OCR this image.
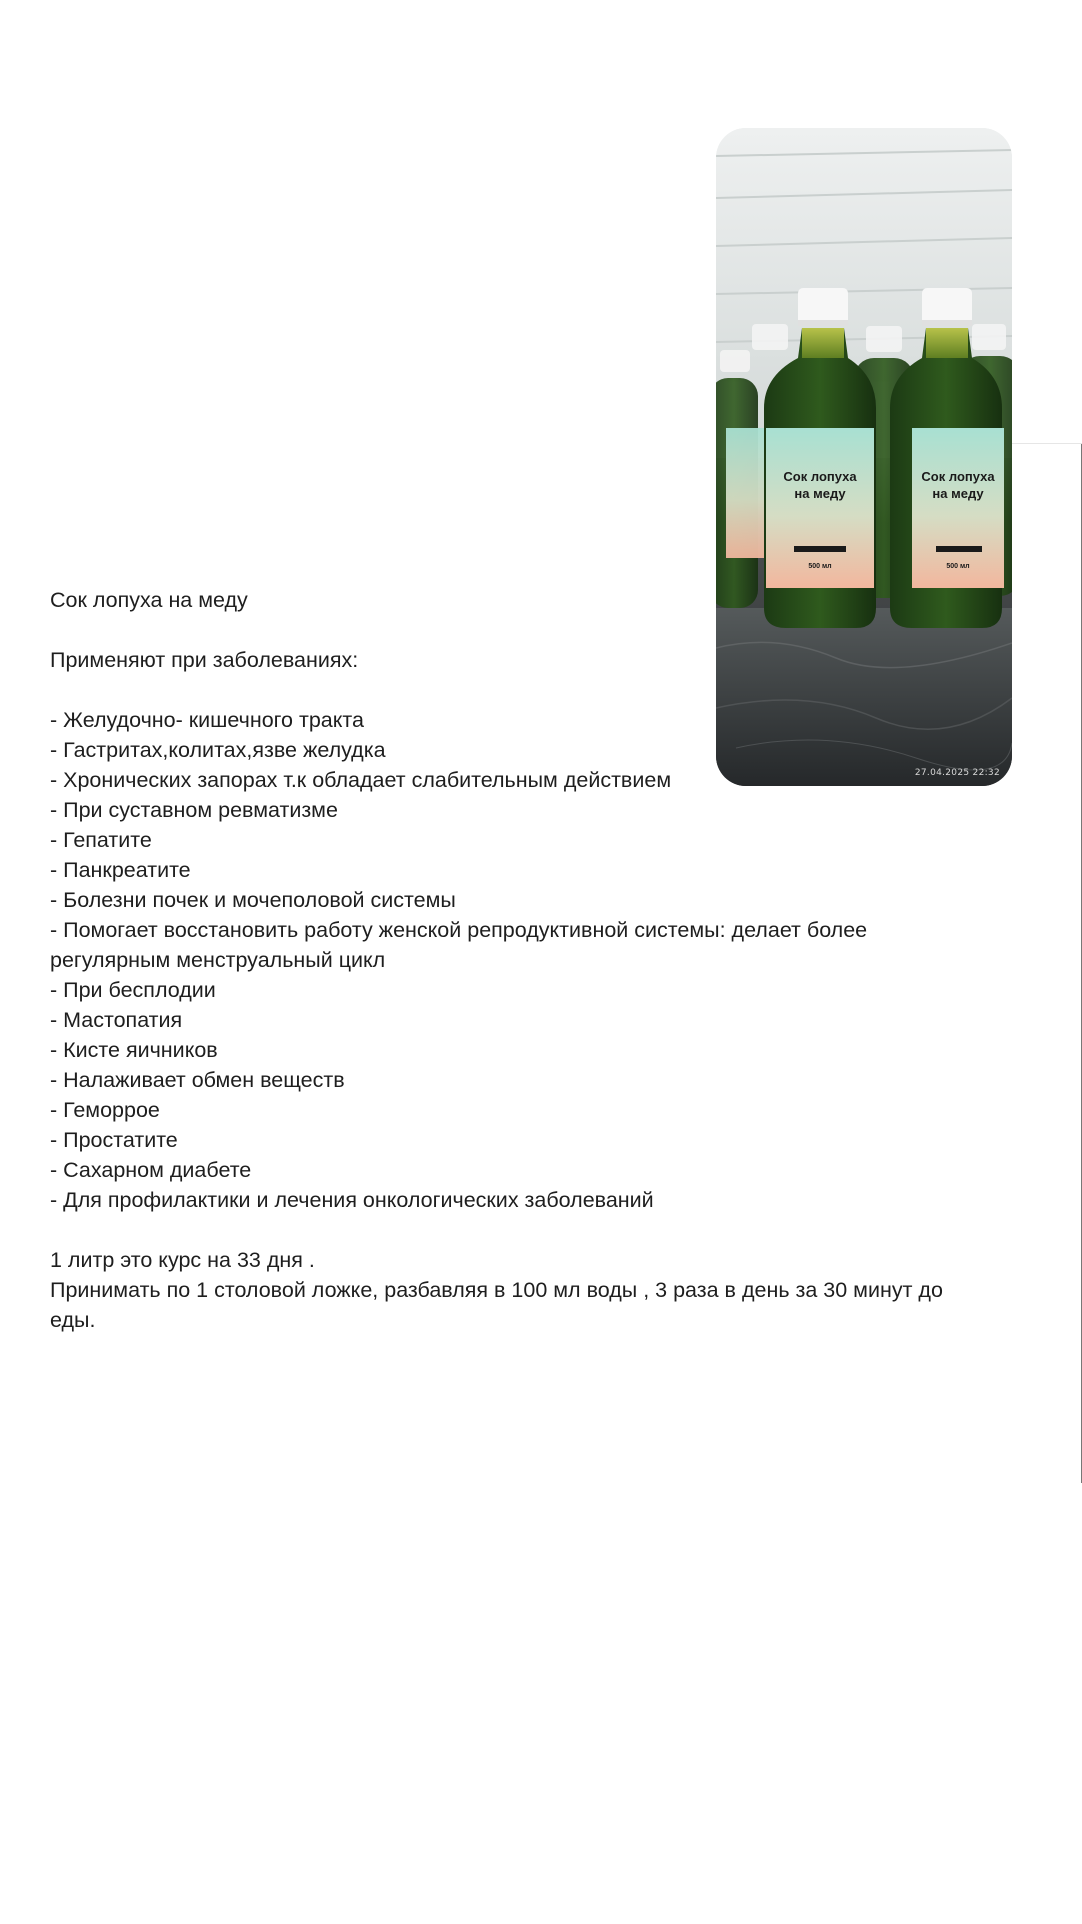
Сок лопуха
на меду
500 мл
Сок лопуха
на меду
500 мл
27.04.2025 22:32

Сок лопуха на меду

Применяют при заболеваниях:

- Желудочно- кишечного тракта
- Гастритах,колитах,язве желудка
- Хронических запорах т.к обладает слабительным действием
- При суставном ревматизме
- Гепатите
- Панкреатите
- Болезни почек и мочеполовой системы
- Помогает восстановить работу женской репродуктивной системы: делает более регулярным менструальный цикл
- При бесплодии
- Мастопатия
- Кисте яичников
- Налаживает обмен веществ
- Геморрое
- Простатите
- Сахарном диабете
- Для профилактики и лечения онкологических заболеваний

1 литр это курс на 33 дня .

Принимать по 1 столовой ложке, разбавляя в 100 мл воды , 3 раза в день за 30 минут до еды.
